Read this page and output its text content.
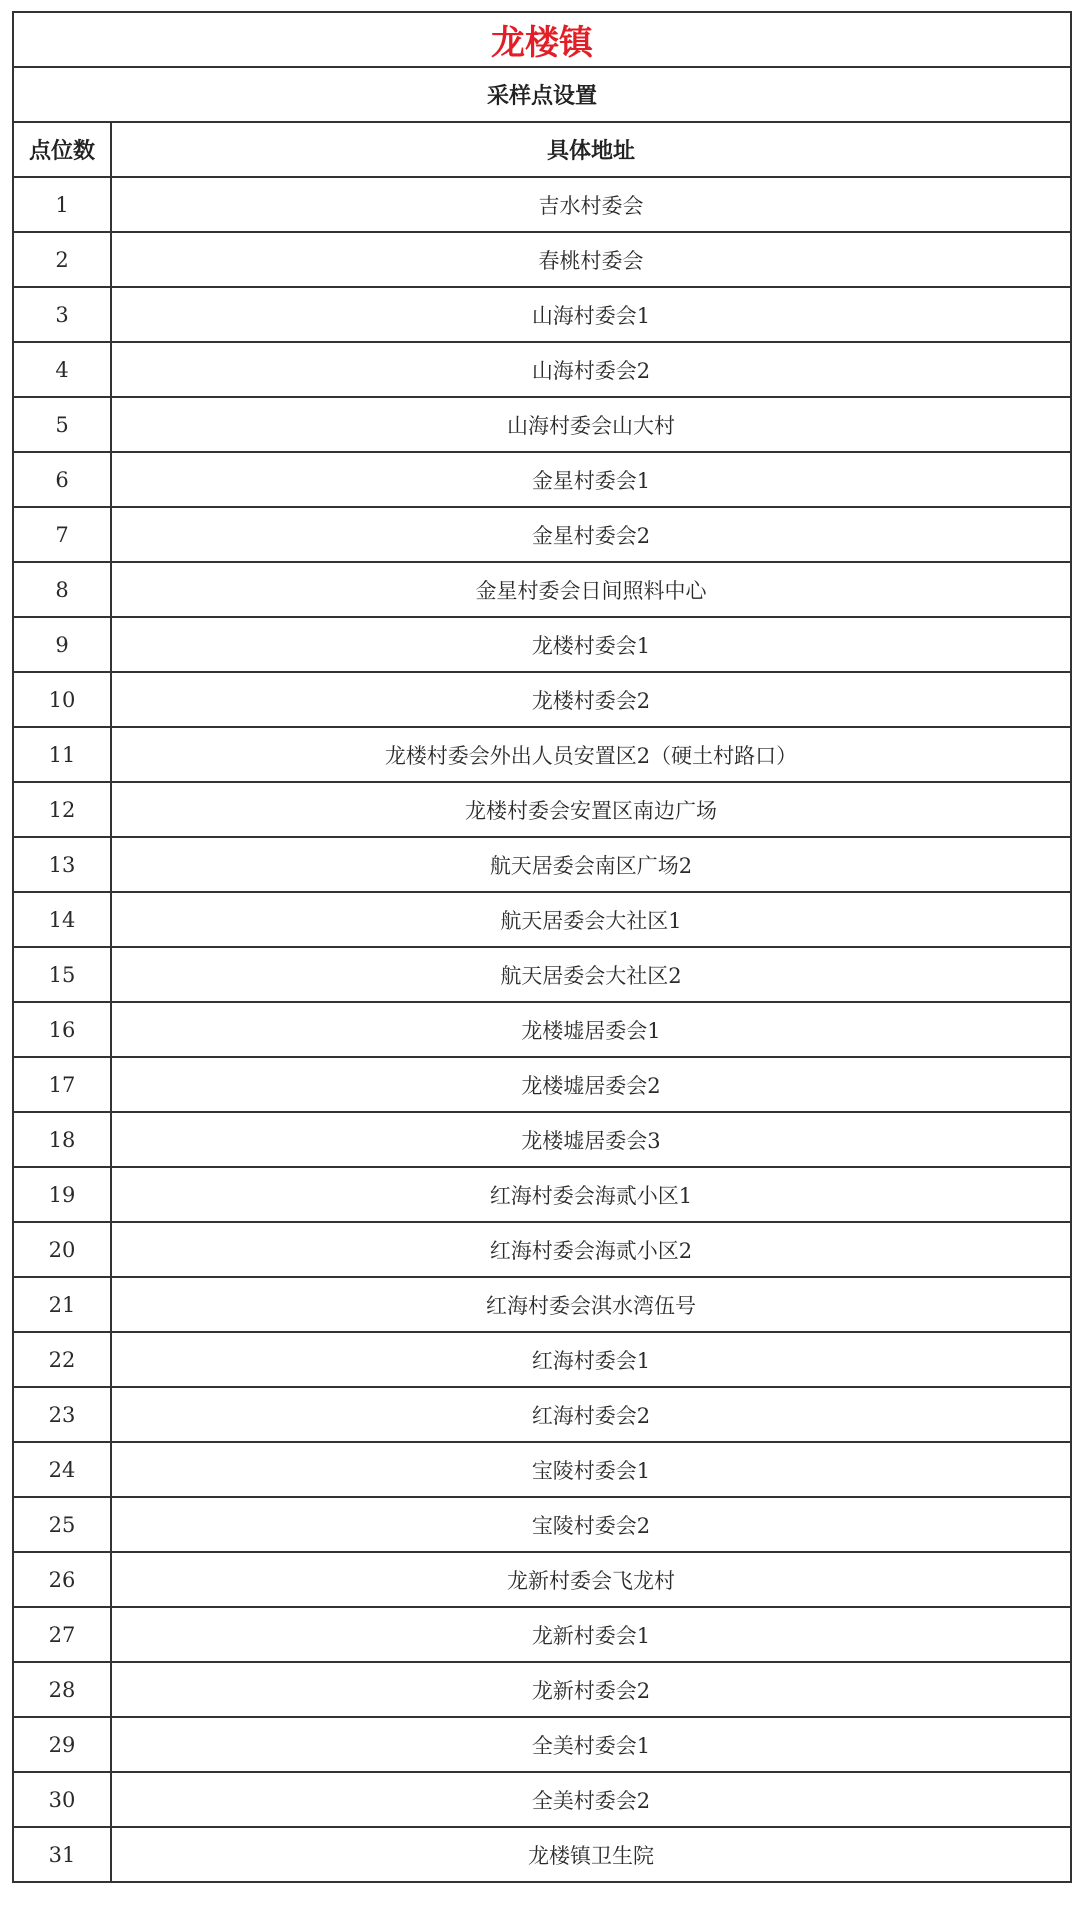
龙楼镇	
采样点设置	
点位数	具体地址
1	吉水村委会
2	春桃村委会
3	山海村委会1
4	山海村委会2
5	山海村委会山大村
6	金星村委会1
7	金星村委会2
8	金星村委会日间照料中心
9	龙楼村委会1
10	龙楼村委会2
11	龙楼村委会外出人员安置区2（硬土村路口）
12	龙楼村委会安置区南边广场
13	航天居委会南区广场2
14	航天居委会大社区1
15	航天居委会大社区2
16	龙楼墟居委会1
17	龙楼墟居委会2
18	龙楼墟居委会3
19	红海村委会海贰小区1
20	红海村委会海贰小区2
21	红海村委会淇水湾伍号
22	红海村委会1
23	红海村委会2
24	宝陵村委会1
25	宝陵村委会2
26	龙新村委会飞龙村
27	龙新村委会1
28	龙新村委会2
29	全美村委会1
30	全美村委会2
31	龙楼镇卫生院
